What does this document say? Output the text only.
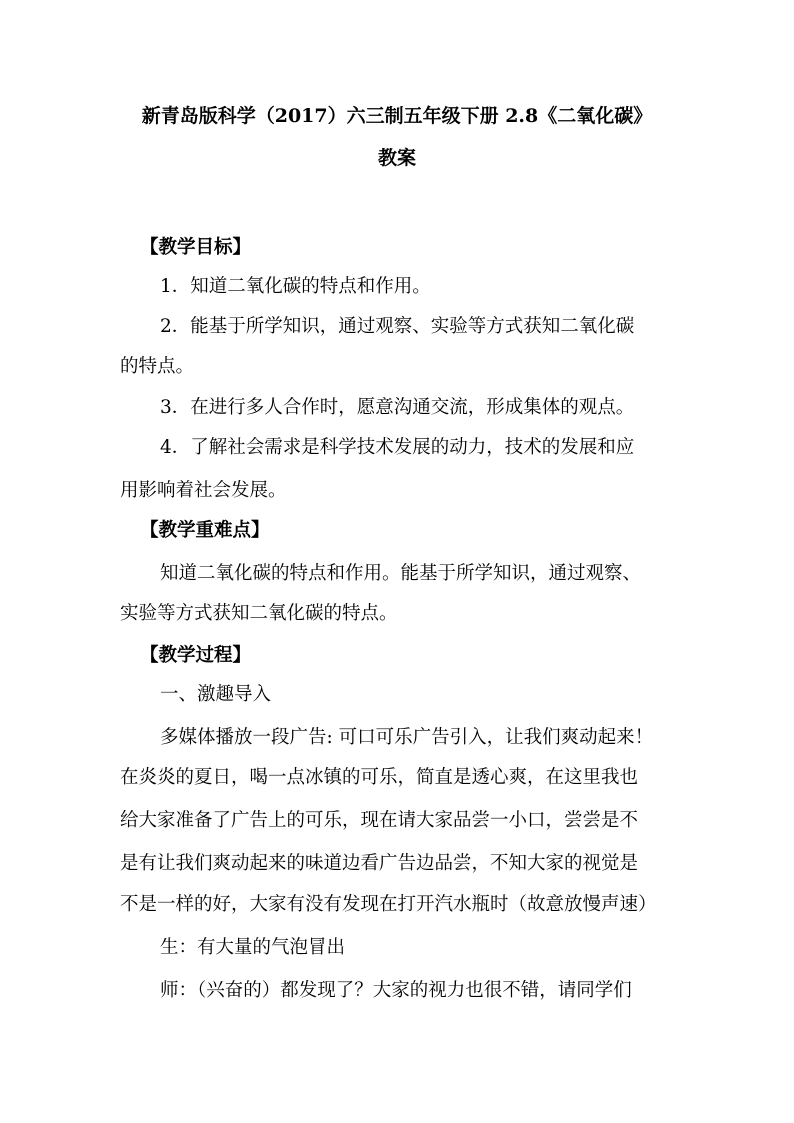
新青岛版科学（2017）六三制五年级下册 2.8《二氧化碳》
教案
【教学目标】
1．知道二氧化碳的特点和作用。
2．能基于所学知识，通过观察、实验等方式获知二氧化碳
的特点。
3．在进行多人合作时，愿意沟通交流，形成集体的观点。
4．了解社会需求是科学技术发展的动力，技术的发展和应
用影响着社会发展。
【教学重难点】
知道二氧化碳的特点和作用。能基于所学知识，通过观察、
实验等方式获知二氧化碳的特点。
【教学过程】
一、激趣导入
多媒体播放一段广告: 可口可乐广告引入，让我们爽动起来！
在炎炎的夏日，喝一点冰镇的可乐，简直是透心爽，在这里我也
给大家准备了广告上的可乐，现在请大家品尝一小口，尝尝是不
是有让我们爽动起来的味道边看广告边品尝，不知大家的视觉是
不是一样的好，大家有没有发现在打开汽水瓶时（故意放慢声速）
生：有大量的气泡冒出
师：（兴奋的）都发现了？大家的视力也很不错，请同学们
